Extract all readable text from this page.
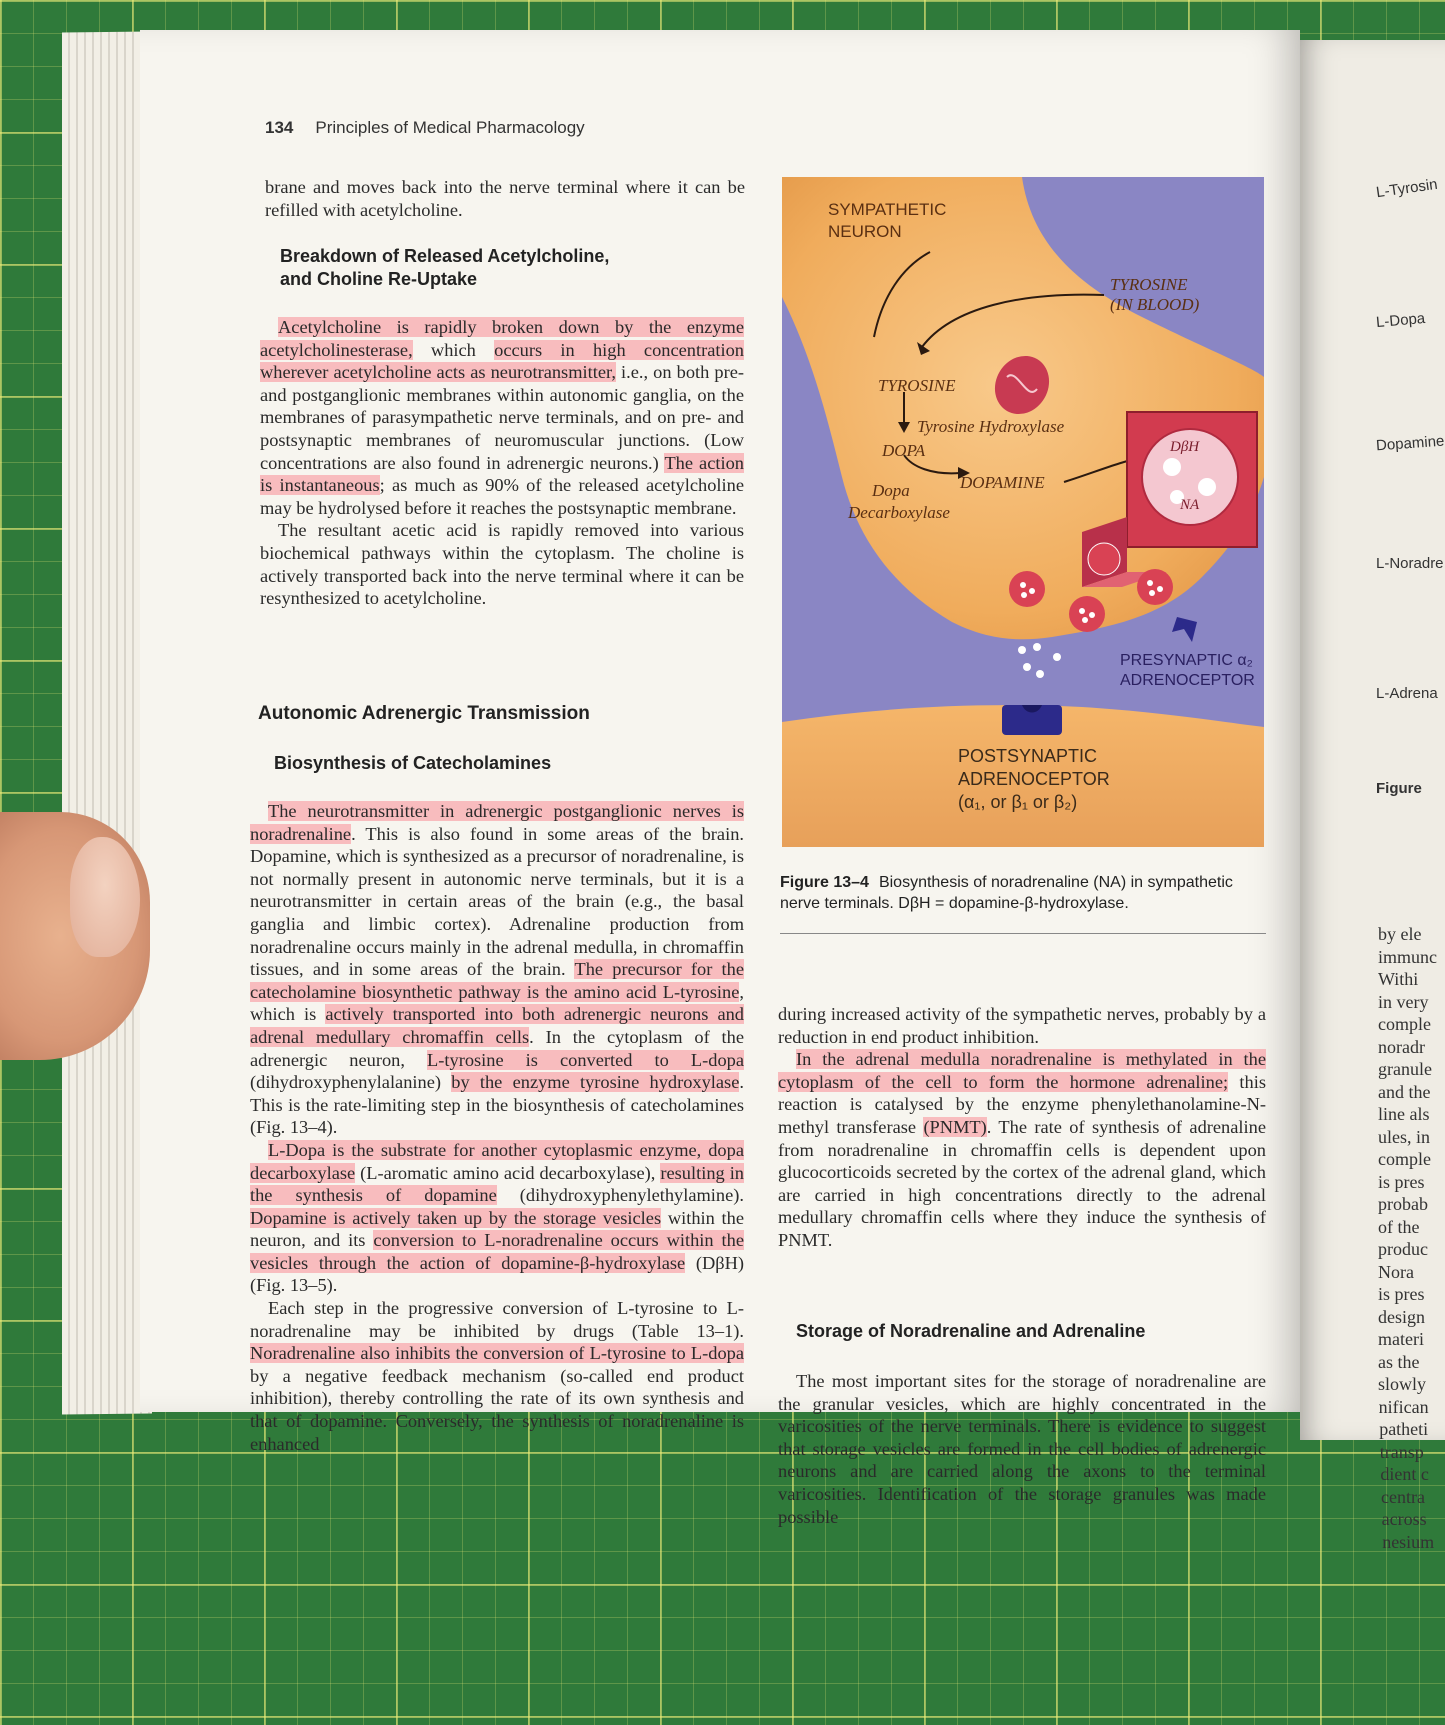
L-Tyrosin
L-Dopa
Dopamine
L-Noradre
L-Adrena
Figure
by ele
immunc
Withi
in very
comple
noradr
granule
and the
line als
ules, in
comple
is pres
probab
of the
produc
Nora
is pres
design
materi
as the
slowly
nifican
patheti
transp
dient c
centra
across
nesium
134 Principles of Medical Pharmacology

brane and moves back into the nerve terminal where it can be refilled with acetylcholine.

Breakdown of Released Acetylcholine,
and Choline Re-Uptake

Acetylcholine is rapidly broken down by the enzyme acetylcholinesterase, which occurs in high concentration wherever acetylcholine acts as neurotransmitter, i.e., on both pre- and postganglionic membranes within autonomic ganglia, on the membranes of parasympathetic nerve terminals, and on pre- and postsynaptic membranes of neuromuscular junctions. (Low concentrations are also found in adrenergic neurons.) The action is instantaneous; as much as 90% of the released acetylcholine may be hydrolysed before it reaches the postsynaptic membrane.

The resultant acetic acid is rapidly removed into various biochemical pathways within the cytoplasm. The choline is actively transported back into the nerve terminal where it can be resynthesized to acetylcholine.

Autonomic Adrenergic Transmission
Biosynthesis of Catecholamines

The neurotransmitter in adrenergic postganglionic nerves is noradrenaline. This is also found in some areas of the brain. Dopamine, which is synthesized as a precursor of noradrenaline, is not normally present in autonomic nerve terminals, but it is a neurotransmitter in certain areas of the brain (e.g., the basal ganglia and limbic cortex). Adrenaline production from noradrenaline occurs mainly in the adrenal medulla, in chromaffin tissues, and in some areas of the brain. The precursor for the catecholamine biosynthetic pathway is the amino acid L-tyrosine, which is actively transported into both adrenergic neurons and adrenal medullary chromaffin cells. In the cytoplasm of the adrenergic neuron, L-tyrosine is converted to L-dopa (dihydroxyphenylalanine) by the enzyme tyrosine hydroxylase. This is the rate-limiting step in the biosynthesis of catecholamines (Fig. 13–4).

L-Dopa is the substrate for another cytoplasmic enzyme, dopa decarboxylase (L-aromatic amino acid decarboxylase), resulting in the synthesis of dopamine (dihydroxyphenylethylamine). Dopamine is actively taken up by the storage vesicles within the neuron, and its conversion to L-noradrenaline occurs within the vesicles through the action of dopamine-β-hydroxylase (DβH) (Fig. 13–5).

Each step in the progressive conversion of L-tyrosine to L-noradrenaline may be inhibited by drugs (Table 13–1). Noradrenaline also inhibits the conversion of L-tyrosine to L-dopa by a negative feedback mechanism (so-called end product inhibition), thereby controlling the rate of its own synthesis and that of dopamine. Conversely, the synthesis of noradrenaline is enhanced

SYMPATHETIC
NEURON
TYROSINE
(IN BLOOD)
TYROSINE
Tyrosine Hydroxylase
DOPA
Dopa
Decarboxylase
DOPAMINE
DβH
NA
PRESYNAPTIC α₂
ADRENOCEPTOR
POSTSYNAPTIC
ADRENOCEPTOR
(α₁, or β₁ or β₂)
Figure 13–4 Biosynthesis of noradrenaline (NA) in sympathetic nerve terminals. DβH = dopamine-β-hydroxylase.

during increased activity of the sympathetic nerves, probably by a reduction in end product inhibition.

In the adrenal medulla noradrenaline is methylated in the cytoplasm of the cell to form the hormone adrenaline; this reaction is catalysed by the enzyme phenylethanolamine-N-methyl transferase (PNMT). The rate of synthesis of adrenaline from noradrenaline in chromaffin cells is dependent upon glucocorticoids secreted by the cortex of the adrenal gland, which are carried in high concentrations directly to the adrenal medullary chromaffin cells where they induce the synthesis of PNMT.

Storage of Noradrenaline and Adrenaline

The most important sites for the storage of noradrenaline are the granular vesicles, which are highly concentrated in the varicosities of the nerve terminals. There is evidence to suggest that storage vesicles are formed in the cell bodies of adrenergic neurons and are carried along the axons to the terminal varicosities. Identification of the storage granules was made possible
